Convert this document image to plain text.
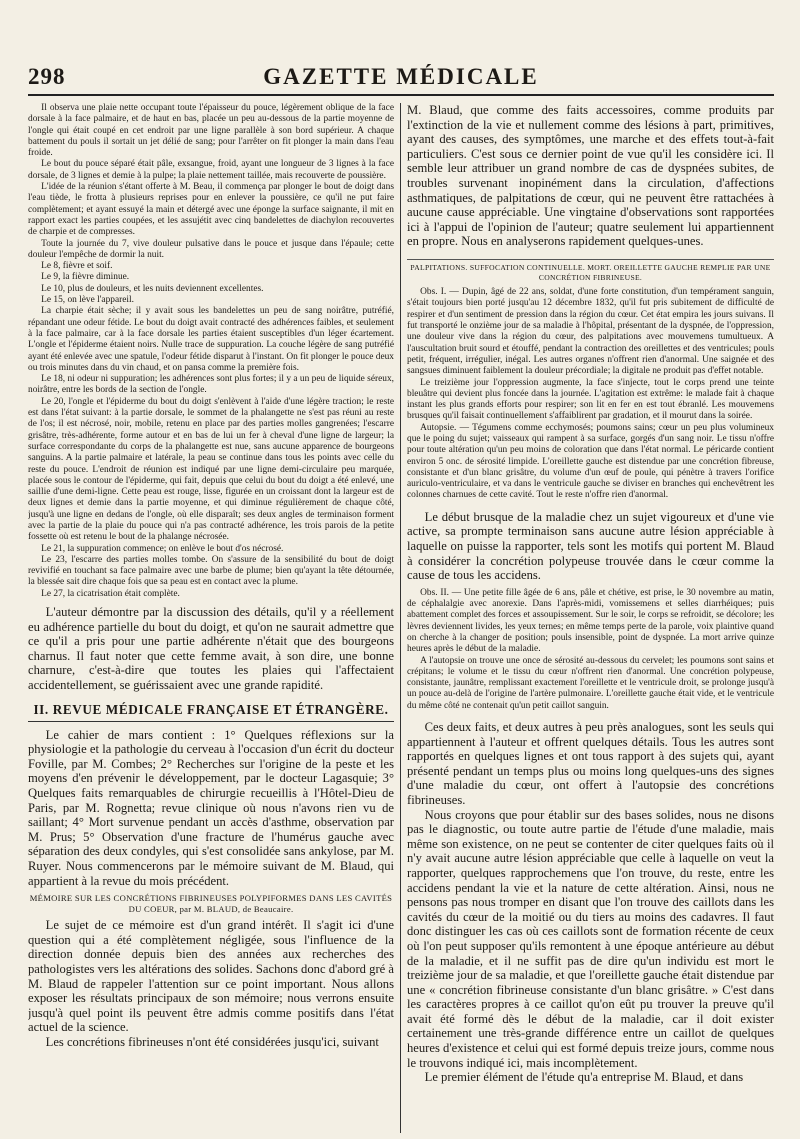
298	GAZETTE MÉDICALE

Il observa une plaie nette occupant toute l'épaisseur du pouce, légèrement oblique de la face dorsale à la face palmaire, et de haut en bas, placée un peu au-dessous de la partie moyenne de l'ongle qui était coupé en cet endroit par une ligne parallèle à son bord supérieur. A chaque battement du pouls il sortait un jet délié de sang; pour l'arrêter on fit plonger la main dans l'eau froide.

Le bout du pouce séparé était pâle, exsangue, froid, ayant une longueur de 3 lignes à la face dorsale, de 3 lignes et demie à la pulpe; la plaie nettement taillée, mais recouverte de poussière.

L'idée de la réunion s'étant offerte à M. Beau, il commença par plonger le bout de doigt dans l'eau tiède, le frotta à plusieurs reprises pour en enlever la poussière, ce qu'il ne put faire complètement; et ayant essuyé la main et détergé avec une éponge la surface saignante, il mit en rapport exact les parties coupées, et les assujétit avec cinq bandelettes de diachylon recouvertes de charpie et de compresses.

Toute la journée du 7, vive douleur pulsative dans le pouce et jusque dans l'épaule; cette douleur l'empêche de dormir la nuit.

Le 8, fièvre et soif.

Le 9, la fièvre diminue.

Le 10, plus de douleurs, et les nuits deviennent excellentes.

Le 15, on lève l'appareil.

La charpie était sèche; il y avait sous les bandelettes un peu de sang noirâtre, putréfié, répandant une odeur fétide. Le bout du doigt avait contracté des adhérences faibles, et seulement à la face palmaire, car à la face dorsale les parties étaient susceptibles d'un léger écartement. L'ongle et l'épiderme étaient noirs. Nulle trace de suppuration. La couche légère de sang putréfié ayant été enlevée avec une spatule, l'odeur fétide disparut à l'instant. On fit plonger le pouce deux ou trois minutes dans du vin chaud, et on pansa comme la première fois.

Le 18, ni odeur ni suppuration; les adhérences sont plus fortes; il y a un peu de liquide séreux, noirâtre, entre les bords de la section de l'ongle.

Le 20, l'ongle et l'épiderme du bout du doigt s'enlèvent à l'aide d'une légère traction; le reste est dans l'état suivant: à la partie dorsale, le sommet de la phalangette ne s'est pas réuni au reste de l'os; il est nécrosé, noir, mobile, retenu en place par des parties molles gangrenées; l'escarre grisâtre, très-adhérente, forme autour et en bas de lui un fer à cheval d'une ligne de largeur; la surface correspondante du corps de la phalangette est nue, sans aucune apparence de bourgeons sanguins. A la partie palmaire et latérale, la peau se continue dans tous les points avec celle du reste du pouce. L'endroit de réunion est indiqué par une ligne demi-circulaire peu marquée, placée sous le contour de l'épiderme, qui fait, depuis que celui du bout du doigt a été enlevé, une saillie d'une demi-ligne. Cette peau est rouge, lisse, figurée en un croissant dont la largeur est de deux lignes et demie dans la partie moyenne, et qui diminue régulièrement de chaque côté, jusqu'à une ligne en dedans de l'ongle, où elle disparaît; ses deux angles de terminaison forment avec la partie de la plaie du pouce qui n'a pas contracté adhérence, les trois parois de la petite fossette où est retenu le bout de la phalange nécrosée.

Le 21, la suppuration commence; on enlève le bout d'os nécrosé.

Le 23, l'escarre des parties molles tombe. On s'assure de la sensibilité du bout de doigt revivifié en touchant sa face palmaire avec une barbe de plume; bien qu'ayant la tête détournée, la blessée sait dire chaque fois que sa peau est en contact avec la plume.

Le 27, la cicatrisation était complète.

L'auteur démontre par la discussion des détails, qu'il y a réellement eu adhérence partielle du bout du doigt, et qu'on ne saurait admettre que ce qu'il a pris pour une partie adhérente n'était que des bourgeons charnus. Il faut noter que cette femme avait, à son dire, une bonne charnure, c'est-à-dire que toutes les plaies qui l'affectaient accidentellement, se guérissaient avec une grande rapidité.

II. REVUE MÉDICALE FRANÇAISE ET ÉTRANGÈRE.

Le cahier de mars contient : 1° Quelques réflexions sur la physiologie et la pathologie du cerveau à l'occasion d'un écrit du docteur Foville, par M. Combes; 2° Recherches sur l'origine de la peste et les moyens d'en prévenir le développement, par le docteur Lagasquie; 3° Quelques faits remarquables de chirurgie recueillis à l'Hôtel-Dieu de Paris, par M. Rognetta; revue clinique où nous n'avons rien vu de saillant; 4° Mort survenue pendant un accès d'asthme, observation par M. Prus; 5° Observation d'une fracture de l'humérus gauche avec séparation des deux condyles, qui s'est consolidée sans ankylose, par M. Ruyer. Nous commencerons par le mémoire suivant de M. Blaud, qui appartient à la revue du mois précédent.

MÉMOIRE SUR LES CONCRÉTIONS FIBRINEUSES POLYPIFORMES DANS LES CAVITÉS DU COEUR, par M. BLAUD, de Beaucaire.

Le sujet de ce mémoire est d'un grand intérêt. Il s'agit ici d'une question qui a été complètement négligée, sous l'influence de la direction donnée depuis bien des années aux recherches des pathologistes vers les altérations des solides. Sachons donc d'abord gré à M. Blaud de rappeler l'attention sur ce point important. Nous allons exposer les résultats principaux de son mémoire; nous verrons ensuite jusqu'à quel point ils peuvent être admis comme positifs dans l'état actuel de la science.

Les concrétions fibrineuses n'ont été considérées jusqu'ici, suivant

M. Blaud, que comme des faits accessoires, comme produits par l'extinction de la vie et nullement comme des lésions à part, primitives, ayant des causes, des symptômes, une marche et des effets tout-à-fait particuliers. C'est sous ce dernier point de vue qu'il les considère ici. Il semble leur attribuer un grand nombre de cas de dyspnées subites, de troubles survenant inopinément dans la circulation, d'affections asthmatiques, de palpitations de cœur, qui ne peuvent être rattachées à aucune cause appréciable. Une vingtaine d'observations sont rapportées ici à l'appui de l'opinion de l'auteur; quatre seulement lui appartiennent en propre. Nous en analyserons rapidement quelques-unes.

PALPITATIONS. SUFFOCATION CONTINUELLE. MORT. OREILLETTE GAUCHE REMPLIE PAR UNE CONCRÉTION FIBRINEUSE.

Obs. I. — Dupin, âgé de 22 ans, soldat, d'une forte constitution, d'un tempérament sanguin, s'était toujours bien porté jusqu'au 12 décembre 1832, qu'il fut pris subitement de difficulté de respirer et d'un sentiment de pression dans la région du cœur. Cet état empira les jours suivans. Il fut transporté le onzième jour de sa maladie à l'hôpital, présentant de la dyspnée, de l'oppression, une douleur vive dans la région du cœur, des palpitations avec mouvemens tumultueux. A l'auscultation bruit sourd et étouffé, pendant la contraction des oreillettes et des ventricules; pouls petit, fréquent, irrégulier, inégal. Les autres organes n'offrent rien d'anormal. Une saignée et des sangsues diminuent faiblement la douleur précordiale; la digitale ne produit pas d'effet notable.

Le treizième jour l'oppression augmente, la face s'injecte, tout le corps prend une teinte bleuâtre qui devient plus foncée dans la journée. L'agitation est extrême: le malade fait à chaque instant les plus grands efforts pour respirer; son lit en fer en est tout ébranlé. Les mouvemens brusques qu'il faisait continuellement s'affaiblirent par gradation, et il mourut dans la soirée.

Autopsie. — Tégumens comme ecchymosés; poumons sains; cœur un peu plus volumineux que le poing du sujet; vaisseaux qui rampent à sa surface, gorgés d'un sang noir. Le tissu n'offre pour toute altération qu'un peu moins de coloration que dans l'état normal. Le péricarde contient environ 5 onc. de sérosité limpide. L'oreillette gauche est distendue par une concrétion fibreuse, consistante et d'un blanc grisâtre, du volume d'un œuf de poule, qui pénètre à travers l'orifice auriculo-ventriculaire, et va dans le ventricule gauche se diviser en branches qui enchevêtrent les colonnes charnues de cette cavité. Tout le reste n'offre rien d'anormal.

Le début brusque de la maladie chez un sujet vigoureux et d'une vie active, sa prompte terminaison sans aucune autre lésion appréciable à laquelle on puisse la rapporter, tels sont les motifs qui portent M. Blaud à considérer la concrétion polypeuse trouvée dans le cœur comme la cause de tous les accidens.

Obs. II. — Une petite fille âgée de 6 ans, pâle et chétive, est prise, le 30 novembre au matin, de céphalalgie avec anorexie. Dans l'après-midi, vomissemens et selles diarrhéiques; puis abattement complet des forces et assoupissement. Sur le soir, le corps se refroidit, se décolore; les lèvres deviennent livides, les yeux ternes; en même temps perte de la parole, voix plaintive quand on cherche à la changer de position; pouls insensible, point de dyspnée. La mort arrive quinze heures après le début de la maladie.

A l'autopsie on trouve une once de sérosité au-dessous du cervelet; les poumons sont sains et crépitans; le volume et le tissu du cœur n'offrent rien d'anormal. Une concrétion polypeuse, consistante, jaunâtre, remplissant exactement l'oreillette et le ventricule droit, se prolonge jusqu'à un pouce au-delà de l'origine de l'artère pulmonaire. L'oreillette gauche était vide, et le ventricule du même côté ne contenait qu'un petit caillot sanguin.

Ces deux faits, et deux autres à peu près analogues, sont les seuls qui appartiennent à l'auteur et offrent quelques détails. Tous les autres sont rapportés en quelques lignes et ont tous rapport à des sujets qui, ayant présenté pendant un temps plus ou moins long quelques-uns des signes d'une maladie du cœur, ont offert à l'autopsie des concrétions fibrineuses.

Nous croyons que pour établir sur des bases solides, nous ne disons pas le diagnostic, ou toute autre partie de l'étude d'une maladie, mais même son existence, on ne peut se contenter de citer quelques faits où il n'y avait aucune autre lésion appréciable que celle à laquelle on veut la rapporter, quelques rapprochemens que l'on trouve, du reste, entre les accidens pendant la vie et la nature de cette altération. Ainsi, nous ne pensons pas nous tromper en disant que l'on trouve des caillots dans les cavités du cœur de la moitié ou du tiers au moins des cadavres. Il faut donc distinguer les cas où ces caillots sont de formation récente de ceux où l'on peut supposer qu'ils remontent à une époque antérieure au début de la maladie, et il ne suffit pas de dire qu'un individu est mort le treizième jour de sa maladie, et que l'oreillette gauche était distendue par une « concrétion fibrineuse consistante d'un blanc grisâtre. » C'est dans les caractères propres à ce caillot qu'on eût pu trouver la preuve qu'il avait été formé dès le début de la maladie, car il doit exister certainement une très-grande différence entre un caillot de quelques heures d'existence et celui qui est formé depuis treize jours, comme nous le trouvons indiqué ici, mais incomplètement.

Le premier élément de l'étude qu'a entreprise M. Blaud, et dans
